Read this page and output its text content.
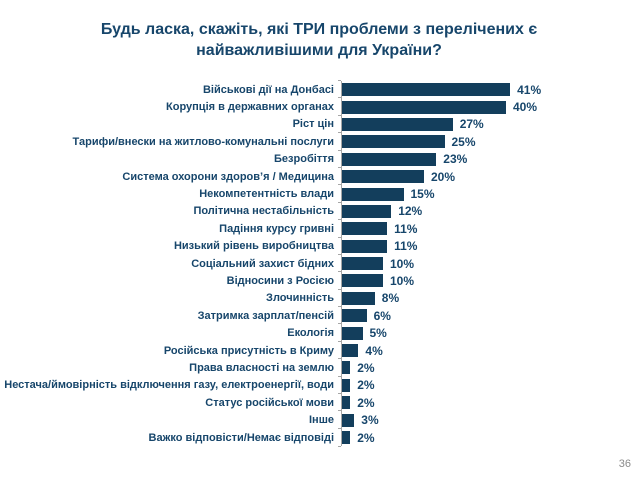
Будь ласка, скажіть, які ТРИ проблеми з перелічених є найважливішими для України?
Військові дії на Донбасі	41%
Корупція в державних органах	40%
Ріст цін	27%
Тарифи/внески на житлово-комунальні послуги	25%
Безробіття	23%
Система охорони здоров’я / Медицина	20%
Некомпетентність влади	15%
Політична нестабільність	12%
Падіння курсу гривні	11%
Низький рівень виробництва	11%
Соціальний захист бідних	10%
Відносини з Росією	10%
Злочинність	8%
Затримка зарплат/пенсій	6%
Екологія	5%
Російська присутність в Криму	4%
Права власності на землю	2%
Нестача/ймовірність відключення газу, електроенергії, води	2%
Статус російської мови	2%
Інше	3%
Важко відповісти/Немає відповіді	2%
36
